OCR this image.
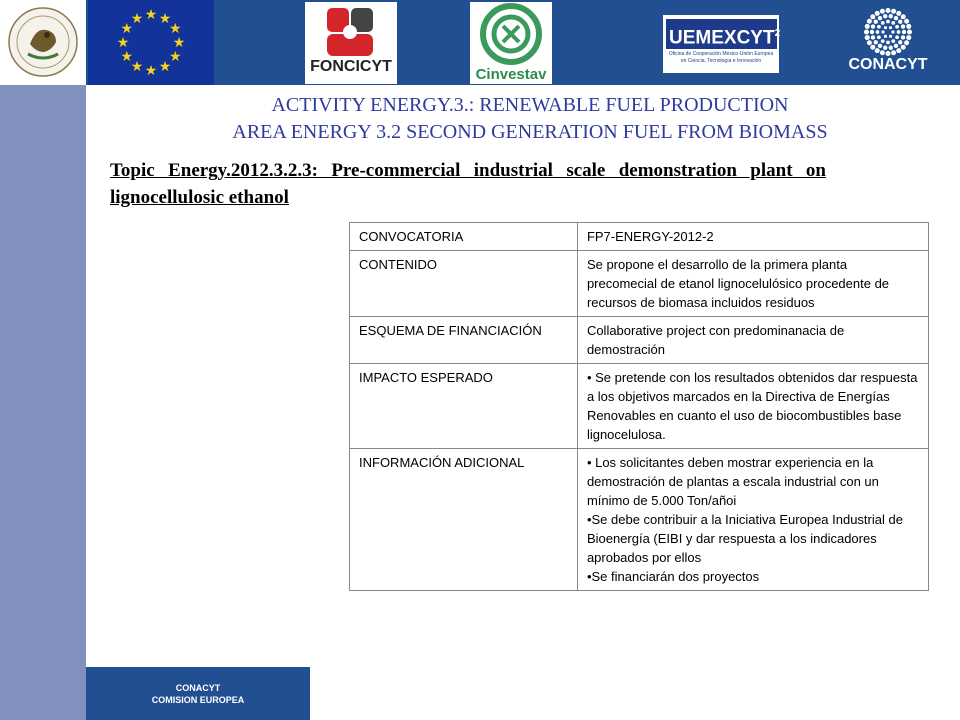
★ ★
★
★
★
★
★
★
★
★
★
★
FONCICYT	Cinvestav
UEMEXCYT$^2$
Oficina de Cooperación México-Unión Europea en Ciencia, Tecnología e Innovación	CONACYT
CONACYT
COMISION EUROPEA
ACTIVITY ENERGY.3.: RENEWABLE FUEL PRODUCTION
AREA ENERGY 3.2 SECOND GENERATION FUEL FROM BIOMASS
Topic Energy.2012.3.2.3: Pre-commercial industrial scale demonstration plant on
lignocellulosic ethanol
CONVOCATORIA	FP7-ENERGY-2012-2

CONTENIDO	Se propone el desarrollo de la primera planta precomecial de etanol lignocelulósico procedente de recursos de biomasa incluidos residuos

ESQUEMA DE FINANCIACIÓN	Collaborative project con predominanacia de demostración

IMPACTO ESPERADO	• Se pretende con los resultados obtenidos dar respuesta a los objetivos marcados en la Directiva de Energías Renovables en cuanto el uso de biocombustibles base lignocelulosa.

INFORMACIÓN ADICIONAL	• Los solicitantes deben mostrar experiencia en la demostración de plantas a escala industrial con un mínimo de 5.000 Ton/añoi
•Se debe contribuir a la Iniciativa Europea Industrial de Bioenergía (EIBI y dar respuesta a los indicadores aprobados por ellos
•Se financiarán dos proyectos
